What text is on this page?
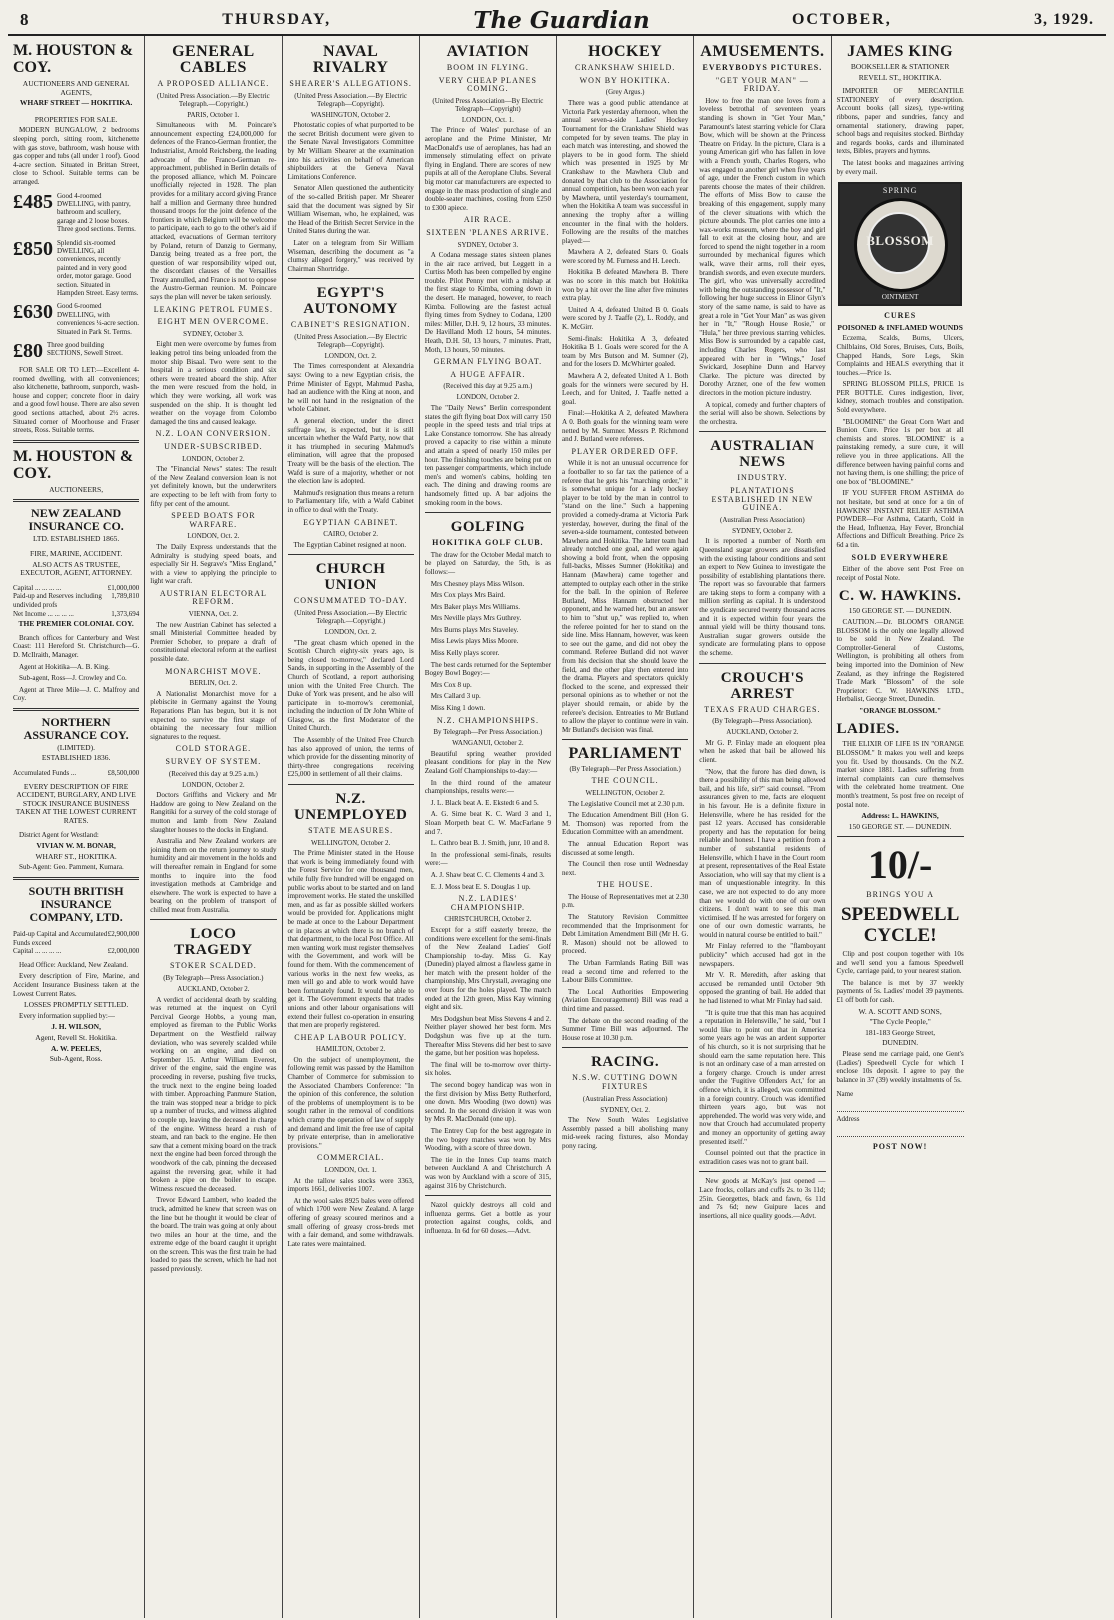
8	THURSDAY,	The Guardian	OCTOBER,	3, 1929.
M. HOUSTON & COY.
AUCTIONEERS AND GENERAL AGENTS,
WHARF STREET — HOKITIKA.
PROPERTIES FOR SALE.

MODERN BUNGALOW, 2 bedrooms sleeping porch, sitting room, kitchenette with gas stove, bathroom, wash house with gas copper and tubs (all under 1 roof). Good 4-acre section. Situated in Brittan Street, close to School. Suitable terms can be arranged.

£485 Good 4-roomed DWELLING, with pantry, bathroom and scullery, garage and 2 loose boxes. Three good sections. Terms.
£850 Splendid six-roomed DWELLING, all conveniences, recently painted and in very good order, motor garage. Good section. Situated in Hampden Street. Easy terms.
£630 Good 6-roomed DWELLING, with conveniences ¼-acre section. Situated in Park St. Terms.
£80 Three good building SECTIONS, Sewell Street.

FOR SALE OR TO LET:—Excellent 4-roomed dwelling, with all conveniences; also kitchenette, bathroom, sunporch, wash-house and copper; concrete floor in dairy and a good fowl house. There are also seven good sections attached, about 2½ acres. Situated corner of Moorhouse and Fraser streets, Ross. Suitable terms.

M. HOUSTON & COY.
AUCTIONEERS,
NEW ZEALAND INSURANCE CO.
LTD. ESTABLISHED 1865.
FIRE, MARINE, ACCIDENT.
ALSO ACTS AS TRUSTEE, EXECUTOR, AGENT, ATTORNEY.
Capital ... ... ... ...	£1,000,000
Paid-up and Reserves including undivided profs
1,789,810
Net Income ... ... ... ...	1,373,694
THE PREMIER COLONIAL COY.

Branch offices for Canterbury and West Coast: 111 Hereford St. Christchurch—G. D. McIlraith, Manager.

Agent at Hokitika—A. B. King.

Sub-agent, Ross—J. Crowley and Co.

Agent at Three Mile—J. C. Malfroy and Coy.

NORTHERN ASSURANCE COY.
(LIMITED).
ESTABLISHED 1836.
Accumulated Funds ...	£8,500,000
EVERY DESCRIPTION OF FIRE ACCIDENT, BURGLARY, AND LIVE STOCK INSURANCE BUSINESS TAKEN AT THE LOWEST CURRENT RATES.

District Agent for Westland:

VIVIAN W. M. BONAR,
WHARF ST., HOKITIKA.

Sub-Agent: Geo. Pamment, Kumara.

SOUTH BRITISH INSURANCE COMPANY, LTD.
Paid-up Capital and Accumulated Funds exceed
£2,900,000
Capital ... ... ... ...	£2,000,000

Head Office: Auckland, New Zealand.

Every description of Fire, Marine, and Accident Insurance Business taken at the Lowest Current Rates.

LOSSES PROMPTLY SETTLED.

Every information supplied by:—

J. H. WILSON,
Agent, Revell St. Hokitika.
A. W. PEELES,
Sub-Agent, Ross.
GENERAL CABLES
A PROPOSED ALLIANCE.
(United Press Association.—By Electric Telegraph.—Copyright.)
PARIS, October 1.

Simultaneous with M. Poincare's announcement expecting £24,000,000 for defences of the Franco-German frontier, the Industrialist, Arnold Reichsberg, the leading advocate of the Franco-German re-approachment, published in Berlin details of the proposed alliance, which M. Poincare unofficially rejected in 1928. The plan provides for a military accord giving France half a million and Germany three hundred thousand troops for the joint defence of the frontiers in which Belgium will be welcome to participate, each to go to the other's aid if attacked, evacuations of German territory by Poland, return of Danzig to Germany, Danzig being treated as a free port, the question of war responsibility wiped out, the discordant clauses of the Versailles Treaty annulled, and France is not to oppose the Austro-German reunion. M. Poincare says the plan will never be taken seriously.

LEAKING PETROL FUMES.
EIGHT MEN OVERCOME.
SYDNEY, October 3.

Eight men were overcome by fumes from leaking petrol tins being unloaded from the motor ship Bisaal. Two were sent to the hospital in a serious condition and six others were treated aboard the ship. After the men were rescued from the hold, in which they were working, all work was suspended on the ship. It is thought led weather on the voyage from Colombo damaged the tins and caused leakage.

N.Z. LOAN CONVERSION.
UNDER-SUBSCRIBED.
LONDON, October 2.

The "Financial News" states: The result of the New Zealand conversion loan is not yet definitely known, but the underwriters are expecting to be left with from forty to fifty per cent of the amount.

SPEED BOATS FOR WARFARE.
LONDON, Oct. 2.

The Daily Express understands that the Admiralty is studying speed boats, and especially Sir H. Segrave's "Miss England," with a view to applying the principle to light war craft.

AUSTRIAN ELECTORAL REFORM.
VIENNA, Oct. 2.

The new Austrian Cabinet has selected a small Ministerial Committee headed by Premier Schober, to prepare a draft of constitutional electoral reform at the earliest possible date.

MONARCHIST MOVE.
BERLIN, Oct. 2.

A Nationalist Monarchist move for a plebiscite in Germany against the Young Reparations Plan has begun, but it is not expected to survive the first stage of obtaining the necessary four million signatures to the request.

COLD STORAGE.
SURVEY OF SYSTEM.
(Received this day at 9.25 a.m.)
LONDON, October 2.

Doctors Griffiths and Vickery and Mr Haddow are going to New Zealand on the Rangitiki for a survey of the cold storage of mutton and lamb from New Zealand slaughter houses to the docks in England.

Australia and New Zealand workers are joining them on the return journey to study humidity and air movement in the holds and will thereafter remain in England for some months to inquire into the food investigation methods at Cambridge and elsewhere. The work is expected to have a bearing on the problem of transport of chilled meat from Australia.

LOCO TRAGEDY
STOKER SCALDED.
(By Telegraph—Press Association.)
AUCKLAND, October 2.

A verdict of accidental death by scalding was returned at the inquest on Cyril Percival George Hobbs, a young man, employed as fireman to the Public Works Department on the Westfield railway deviation, who was severely scalded while working on an engine, and died on September 15. Arthur William Everest, driver of the engine, said the engine was proceeding in reverse, pushing five trucks, the truck next to the engine being loaded with timber. Approaching Panmure Station, the train was stopped near a bridge to pick up a number of trucks, and witness alighted to couple up, leaving the deceased in charge of the engine. Witness heard a rush of steam, and ran back to the engine. He then saw that a cement mixing board on the track next the engine had been forced through the woodwork of the cab, pinning the deceased against the reversing gear, while it had broken a pipe on the boiler to escape. Witness rescued the deceased.

Trevor Edward Lambert, who loaded the truck, admitted he knew that screen was on the line but he thought it would be clear of the board. The train was going at only about two miles an hour at the time, and the extreme edge of the board caught it upright on the screen. This was the first train he had loaded to pass the screen, which he had not passed previously.

NAVAL RIVALRY
SHEARER'S ALLEGATIONS.
(United Press Association.—By Electric Telegraph—Copyright).
WASHINGTON, October 2.

Photostatic copies of what purported to be the secret British document were given to the Senate Naval Investigators Committee by Mr William Shearer at the examination into his activities on behalf of American shipbuilders at the Geneva Naval Limitations Conference.

Senator Allen questioned the authenticity of the so-called British paper. Mr Shearer said that the document was signed by Sir William Wiseman, who, he explained, was the Head of the British Secret Service in the United States during the war.

Later on a telegram from Sir William Wiseman, describing the document as "a clumsy alleged forgery," was received by Chairman Shortridge.

EGYPT'S AUTONOMY
CABINET'S RESIGNATION.
(United Press Association.—By Electric Telegraph—Copyright).
LONDON, Oct. 2.

The Times correspondent at Alexandria says: Owing to a new Egyptian crisis, the Prime Minister of Egypt, Mahmud Pasha, had an audience with the King at noon, and he will not hand in the resignation of the whole Cabinet.

A general election, under the direct suffrage law, is expected, but it is still uncertain whether the Wafd Party, now that it has triumphed in securing Mahmud's elimination, will agree that the proposed Treaty will be the basis of the election. The Wafd is sure of a majority, whether or not the election law is adopted.

Mahmud's resignation thus means a return to Parliamentary life, with a Wafd Cabinet in office to deal with the Treaty.

EGYPTIAN CABINET.
CAIRO, October 2.

The Egyptian Cabinet resigned at noon.

CHURCH UNION
CONSUMMATED TO-DAY.
(United Press Association.—By Electric Telegraph.—Copyright.)
LONDON, Oct. 2.

"The great chasm which opened in the Scottish Church eighty-six years ago, is being closed to-morrow," declared Lord Sands, in supporting in the Assembly of the Church of Scotland, a report authorising union with the United Free Church. The Duke of York was present, and he also will participate in to-morrow's ceremonial, including the induction of Dr John White of Glasgow, as the first Moderator of the United Church.

The Assembly of the United Free Church has also approved of union, the terms of which provide for the dissenting minority of thirty-three congregations receiving £25,000 in settlement of all their claims.

N.Z. UNEMPLOYED
STATE MEASURES.
WELLINGTON, October 2.

The Prime Minister stated in the House that work is being immediately found with the Forest Service for one thousand men, while fully five hundred will be engaged on public works about to be started and on land improvement works. He stated the unskilled men, and as far as possible skilled workers would be provided for. Applications might be made at once to the Labour Department or in places at which there is no branch of that department, to the local Post Office. All men wanting work must register themselves with the Government, and work will be found for them. With the commencement of various works in the next few weeks, as men will go and able to work would have been fortunately found. It would be able to get it. The Government expects that trades unions and other labour organisations will extend their fullest co-operation in ensuring that men are properly registered.

CHEAP LABOUR POLICY.
HAMILTON, October 2.

On the subject of unemployment, the following remit was passed by the Hamilton Chamber of Commerce for submission to the Associated Chambers Conference: "In the opinion of this conference, the solution of the problems of unemployment is to be sought rather in the removal of conditions which cramp the operation of law of supply and demand and limit the free use of capital by private enterprise, than in ameliorative provisions."

COMMERCIAL.
LONDON, Oct. 1.

At the tallow sales stocks were 3363, imports 1661, deliveries 1007.

At the wool sales 8925 bales were offered of which 1700 were New Zealand. A large offering of greasy scoured merinos and a small offering of greasy cross-breds met with a fair demand, and some withdrawals. Late rates were maintained.

AVIATION
BOOM IN FLYING.
VERY CHEAP PLANES COMING.
(United Press Association—By Electric Telegraph—Copyright)
LONDON, Oct. 1.

The Prince of Wales' purchase of an aeroplane and the Prime Minister, Mr MacDonald's use of aeroplanes, has had an immensely stimulating effect on private flying in England. There are scores of new pupils at all of the Aeroplane Clubs. Several big motor car manufacturers are expected to engage in the mass production of single and double-seater machines, costing from £250 to £300 apiece.

AIR RACE.
SIXTEEN 'PLANES ARRIVE.
SYDNEY, October 3.

A Codana message states sixteen planes in the air race arrived, but Leggett in a Curtiss Moth has been compelled by engine trouble. Pilot Penny met with a mishap at the first stage to Kimba, coming down in the desert. He managed, however, to reach Kimba. Following are the fastest actual flying times from Sydney to Codana, 1200 miles: Miller, D.H. 9, 12 hours, 33 minutes. De Havilland Moth 12 hours, 54 minutes. Heath, D.H. 50, 13 hours, 7 minutes. Pratt, Moth, 13 hours, 50 minutes.

GERMAN FLYING BOAT.
A HUGE AFFAIR.
(Received this day at 9.25 a.m.)
LONDON, October 2.

The "Daily News" Berlin correspondent states the gift flying boat Dox will carry 150 people in the speed tests and trial trips at Lake Constance tomorrow. She has already proved a capacity to rise within a minute and attain a speed of nearly 150 miles per hour. The finishing touches are being put on ten passenger compartments, which include men's and women's cabins, holding ten each. The dining and drawing rooms are handsomely fitted up. A bar adjoins the smoking room in the bows.

GOLFING
HOKITIKA GOLF CLUB.

The draw for the October Medal match to be played on Saturday, the 5th, is as follows:—

Mrs Chesney plays Miss Wilson.

Mrs Cox plays Mrs Baird.

Mrs Baker plays Mrs Williams.

Mrs Neville plays Mrs Guthrey.

Mrs Burns plays Mrs Staveley.

Miss Lewis plays Miss Moore.

Miss Kelly plays scorer.

The best cards returned for the September Bogey Bowl Bogey:—

Mrs Cox 8 up.

Mrs Callard 3 up.

Miss King 1 down.

N.Z. CHAMPIONSHIPS.
By Telegraph—Per Press Association.)
WANGANUI, October 2.

Beautiful spring weather provided pleasant conditions for play in the New Zealand Golf Championships to-day:—

In the third round of the amateur championships, results were:—

J. L. Black beat A. E. Ekstedt 6 and 5.

A. G. Sime beat K. C. Ward 3 and 1, Sloan Morpeth beat C. W. MacFarlane 9 and 7.

L. Cathro beat B. J. Smith, junr, 10 and 8.

In the professional semi-finals, results were:—

A. J. Shaw beat C. C. Clements 4 and 3.

E. J. Moss beat E. S. Douglas 1 up.

N.Z. LADIES' CHAMPIONSHIP.
CHRISTCHURCH, October 2.

Except for a stiff easterly breeze, the conditions were excellent for the semi-finals of the New Zealand Ladies' Golf Championship to-day. Miss G. Kay (Dunedin) played almost a flawless game in her match with the present holder of the championship, Mrs Chrystall, averaging one over fours for the holes played. The match ended at the 12th green, Miss Kay winning eight and six.

Mrs Dodgshun beat Miss Stevens 4 and 2. Neither player showed her best form. Mrs Dodgshun was five up at the turn. Thereafter Miss Stevens did her best to save the game, but her position was hopeless.

The final will be to-morrow over thirty-six holes.

The second bogey handicap was won in the first division by Miss Betty Rutherford, one down. Mrs Wooding (two down) was second. In the second division it was won by Mrs R. MacDonald (one up).

The Entrey Cup for the best aggregate in the two bogey matches was won by Mrs Wooding, with a score of three down.

The tie in the Innes Cup teams match between Auckland A and Christchurch A was won by Auckland with a score of 315, against 316 by Christchurch.

Nazol quickly destroys all cold and influenza germs. Get a bottle as your protection against coughs, colds, and influenza. In 6d for 60 doses.—Advt.

HOCKEY
CRANKSHAW SHIELD.
WON BY HOKITIKA.
(Grey Argus.)

There was a good public attendance at Victoria Park yesterday afternoon, when the annual seven-a-side Ladies' Hockey Tournament for the Crankshaw Shield was competed for by seven teams. The play in each match was interesting, and showed the players to be in good form. The shield which was presented in 1925 by Mr Crankshaw to the Mawhera Club and donated by that club to the Association for annual competition, has been won each year by Mawhera, until yesterday's tournament, when the Hokitika A team was successful in annexing the trophy after a willing encounter in the final with the holders. Following are the results of the matches played:—

Mawhera A 2, defeated Stars 0. Goals were scored by M. Furness and H. Leech.

Hokitika B defeated Mawhera B. There was no score in this match but Hokitika won by a hit over the line after five minutes extra play.

United A 4, defeated United B 0. Goals were scored by J. Taaffe (2), L. Roddy, and K. McGirr.

Semi-finals: Hokitika A 3, defeated Hokitika B 1. Goals were scored for the A team by Mrs Butson and M. Sumner (2), and for the losers D. McWhirter goaled.

Mawhera A 2, defeated United A 1. Both goals for the winners were secured by H. Leech, and for United, J. Taaffe netted a goal.

Final:—Hokitika A 2, defeated Mawhera A 0. Both goals for the winning team were netted by M. Sumner. Messrs P. Richmond and J. Butland were referees.

PLAYER ORDERED OFF.

While it is not an unusual occurrence for a footballer to so far tax the patience of a referee that he gets his "marching order," it is somewhat unique for a lady hockey player to be told by the man in control to "stand on the line." Such a happening provided a comedy-drama at Victoria Park yesterday, however, during the final of the seven-a-side tournament, contested between Mawhera and Hokitika. The latter team had already notched one goal, and were again showing a bold front, when the opposing full-backs, Misses Sumner (Hokitika) and Hannam (Mawhera) came together and attempted to outplay each other in the strike for the ball. In the opinion of Referee Butland, Miss Hannam obstructed her opponent, and he warned her, but an answer to him to "shut up," was replied to, when the referee pointed for her to stand on the side line. Miss Hannam, however, was keen to see out the game, and did not obey the command. Referee Butland did not waver from his decision that she should leave the field, and the other play then entered into the drama. Players and spectators quickly flocked to the scene, and expressed their personal opinions as to whether or not the player should remain, or abide by the referee's decision. Entreaties to Mr Butland to allow the player to continue were in vain. Mr Butland's decision was final.

PARLIAMENT
(By Telegraph—Per Press Association.)
THE COUNCIL.
WELLINGTON, October 2.

The Legislative Council met at 2.30 p.m.

The Education Amendment Bill (Hon G. M. Thomson) was reported from the Education Committee with an amendment.

The annual Education Report was discussed at some length.

The Council then rose until Wednesday next.

THE HOUSE.

The House of Representatives met at 2.30 p.m.

The Statutory Revision Committee recommended that the Imprisonment for Debt Limitation Amendment Bill (Mr H. G. R. Mason) should not be allowed to proceed.

The Urban Farmlands Rating Bill was read a second time and referred to the Labour Bills Committee.

The Local Authorities Empowering (Aviation Encouragement) Bill was read a third time and passed.

The debate on the second reading of the Summer Time Bill was adjourned. The House rose at 10.30 p.m.

RACING.
N.S.W. CUTTING DOWN FIXTURES
(Australian Press Association)
SYDNEY, Oct. 2.

The New South Wales Legislative Assembly passed a bill abolishing many mid-week racing fixtures, also Monday pony racing.

AMUSEMENTS.
EVERYBODYS PICTURES.
"GET YOUR MAN" — FRIDAY.

How to free the man one loves from a loveless betrothal of seventeen years standing is shown in "Get Your Man," Paramount's latest starring vehicle for Clara Bow, which will be shown at the Princess Theatre on Friday. In the picture, Clara is a young American girl who has fallen in love with a French youth, Charles Rogers, who was engaged to another girl when five years of age, under the French custom in which parents choose the mates of their children. The efforts of Miss Bow to cause the breaking of this engagement, supply many of the clever situations with which the picture abounds. The plot carries one into a wax-works museum, where the boy and girl fall to exit at the closing hour, and are forced to spend the night together in a room surrounded by mechanical figures which walk, wave their arms, roll their eyes, brandish swords, and even execute murders. The girl, who was universally accredited with being the outstanding possessor of "It," following her huge success in Elinor Glyn's story of the same name, is said to have as great a role in "Get Your Man" as was given her in "It," "Rough House Rosie," or "Hula," her three previous starring vehicles. Miss Bow is surrounded by a capable cast, including Charles Rogers, who last appeared with her in "Wings," Josef Swickard, Josephine Dunn and Harvey Clarke. The picture was directed by Dorothy Arzner, one of the few women directors in the motion picture industry.

A topical, comedy and further chapters of the serial will also be shown. Selections by the orchestra.

AUSTRALIAN NEWS
INDUSTRY.
PLANTATIONS ESTABLISHED IN NEW GUINEA.
(Australian Press Association)
SYDNEY, October 2.

It is reported a number of North ern Queensland sugar growers are dissatisfied with the existing labour conditions and sent an expert to New Guinea to investigate the possibility of establishing plantations there. The report was so favourable that farmers are taking steps to form a company with a million sterling as capital. It is understood the syndicate secured twenty thousand acres and it is expected within four years the annual yield will be thirty thousand tons. Australian sugar growers outside the syndicate are formulating plans to oppose the scheme.

CROUCH'S ARREST
TEXAS FRAUD CHARGES.
(By Telegraph—Press Association).
AUCKLAND, October 2.

Mr G. P. Finlay made an eloquent plea when he asked that bail be allowed his client.

"Now, that the furore has died down, is there a possibility of this man being allowed bail, and his life, sir?" said counsel. "From assurances given to me, facts are eloquent in his favour. He is a definite fixture in Helensville, where he has resided for the past 12 years. Accused has considerable property and has the reputation for being reliable and honest. I have a petition from a number of substantial residents of Helensville, which I have in the Court room at present, representatives of the Real Estate Association, who will say that my client is a man of unquestionable integrity. In this case, we are not expected to do any more than we would do with one of our own citizens. I don't want to see this man victimised. If he was arrested for forgery on one of our own domestic warrants, he would in natural course be entitled to bail."

Mr Finlay referred to the "flamboyant publicity" which accused had got in the newspapers.

Mr V. R. Meredith, after asking that accused be remanded until October 9th opposed the granting of bail. He added that he had listened to what Mr Finlay had said.

"It is quite true that this man has acquired a reputation in Helensville," he said, "but I would like to point out that in America some years ago he was an ardent supporter of his church, so it is not surprising that he should earn the same reputation here. This is not an ordinary case of a man arrested on a forgery charge. Crouch is under arrest under the 'Fugitive Offenders Act,' for an offence which, it is alleged, was committed in a foreign country. Crouch was identified thirteen years ago, but was not apprehended. The world was very wide, and now that Crouch had accumulated property and money an opportunity of getting away presented itself."

Counsel pointed out that the practice in extradition cases was not to grant bail.

New goods at McKay's just opened — Lace frocks, collars and cuffs 2s. to 3s 11d; 25in. Georgettes, black and fawn, 6s 11d and 7s 6d; new Guipure laces and insertions, all nice quality goods.—Advt.

JAMES KING
BOOKSELLER & STATIONER
REVELL ST., HOKITIKA.

IMPORTER OF MERCANTILE STATIONERY of every description. Account books (all sizes), type-writing ribbons, paper and sundries, fancy and ornamental stationery, drawing paper, school bags and requisites stocked. Birthday and regards books, cards and illuminated texts, Bibles, prayers and hymns.

The latest books and magazines arriving by every mail.

SPRING
BLOSSOM
OINTMENT
CURES
POISONED & INFLAMED WOUNDS

Eczema, Scalds, Burns, Ulcers, Chilblains, Old Sores, Bruises, Cuts, Boils, Chapped Hands, Sore Legs, Skin Complaints and HEALS everything that it touches.—Price 1s.

SPRING BLOSSOM PILLS, PRICE 1s PER BOTTLE. Cures indigestion, liver, kidney, stomach troubles and constipation. Sold everywhere.

"BLOOMINE" the Great Corn Wart and Bunion Cure. Price 1s per box at all chemists and stores. 'BLOOMINE' is a painstaking remedy, a sure cure, it will relieve you in three applications. All the difference between having painful corns and not having them, is one shilling; the price of one box of "BLOOMINE."

IF YOU SUFFER FROM ASTHMA do not hesitate, but send at once for a tin of HAWKINS' INSTANT RELIEF ASTHMA POWDER—For Asthma, Catarrh, Cold in the Head, Influenza, Hay Fever, Bronchial Affections and Difficult Breathing. Price 2s 6d a tin.

SOLD EVERYWHERE

Either of the above sent Post Free on receipt of Postal Note.

C. W. HAWKINS.
150 GEORGE ST. — DUNEDIN.

CAUTION.—Dr. BLOOM'S ORANGE BLOSSOM is the only one legally allowed to be sold in New Zealand. The Comptroller-General of Customs, Wellington, is prohibiting all others from being imported into the Dominion of New Zealand, as they infringe the Registered Trade Mark "Blossom" of the sole Proprietor: C. W. HAWKINS LTD., Herbalist, George Street, Dunedin.

"ORANGE BLOSSOM."
LADIES.

THE ELIXIR OF LIFE IS IN "ORANGE BLOSSOM." It makes you well and keeps you fit. Used by thousands. On the N.Z. market since 1881. Ladies suffering from internal complaints can cure themselves with the celebrated home treatment. One month's treatment, 5s post free on receipt of postal note.

Address: L. HAWKINS,
150 GEORGE ST. — DUNEDIN.
10/-
BRINGS YOU A
SPEEDWELL CYCLE!

Clip and post coupon together with 10s and we'll send you a famous Speedwell Cycle, carriage paid, to your nearest station.

The balance is met by 37 weekly payments of 5s. Ladies' model 39 payments. £1 off both for cash.

W. A. SCOTT AND SONS,
"The Cycle People,"
181-183 George Street,
DUNEDIN.

Please send me carriage paid, one Gent's (Ladies') Speedwell Cycle for which I enclose 10s deposit. I agree to pay the balance in 37 (39) weekly instalments of 5s.

Name
Address
POST NOW!
